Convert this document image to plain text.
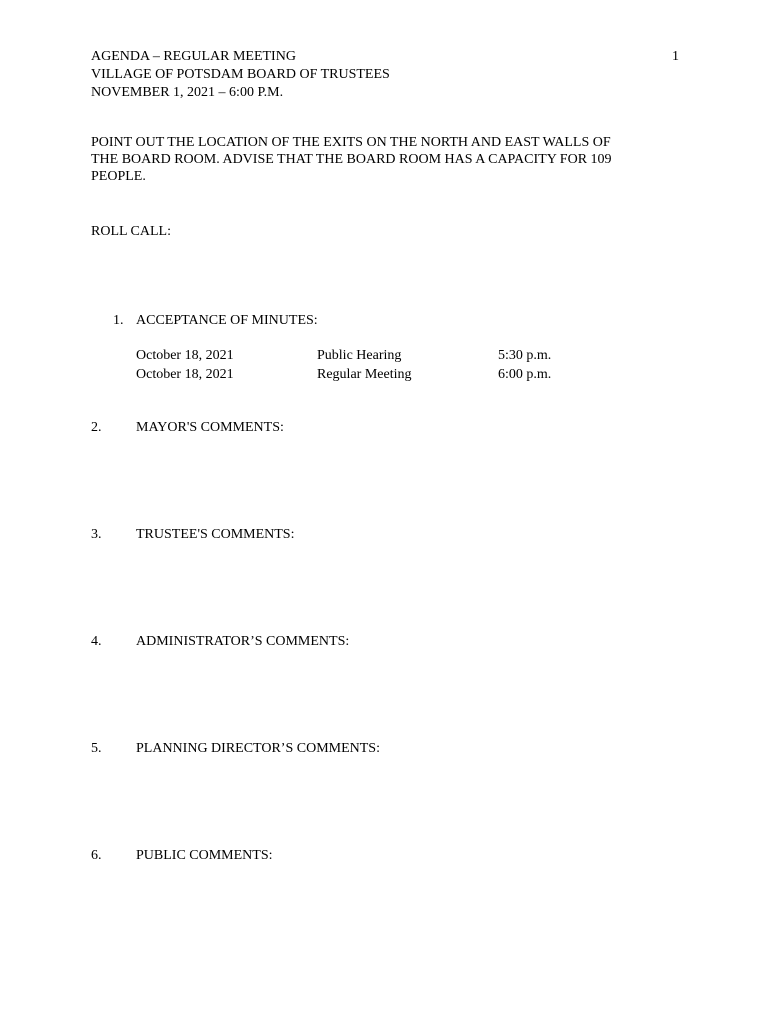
AGENDA – REGULAR MEETING
VILLAGE OF POTSDAM BOARD OF TRUSTEES
NOVEMBER 1, 2021 – 6:00 P.M.
1
POINT OUT THE LOCATION OF THE EXITS ON THE NORTH AND EAST WALLS OF
THE BOARD ROOM. ADVISE THAT THE BOARD ROOM HAS A CAPACITY FOR 109
PEOPLE.
ROLL CALL:
1. ACCEPTANCE OF MINUTES:
October 18, 2021	Public Hearing	5:30 p.m.
October 18, 2021	Regular Meeting	6:00 p.m.
2. MAYOR'S COMMENTS:
3. TRUSTEE'S COMMENTS:
4. ADMINISTRATOR’S COMMENTS:
5. PLANNING DIRECTOR’S COMMENTS:
6. PUBLIC COMMENTS:
